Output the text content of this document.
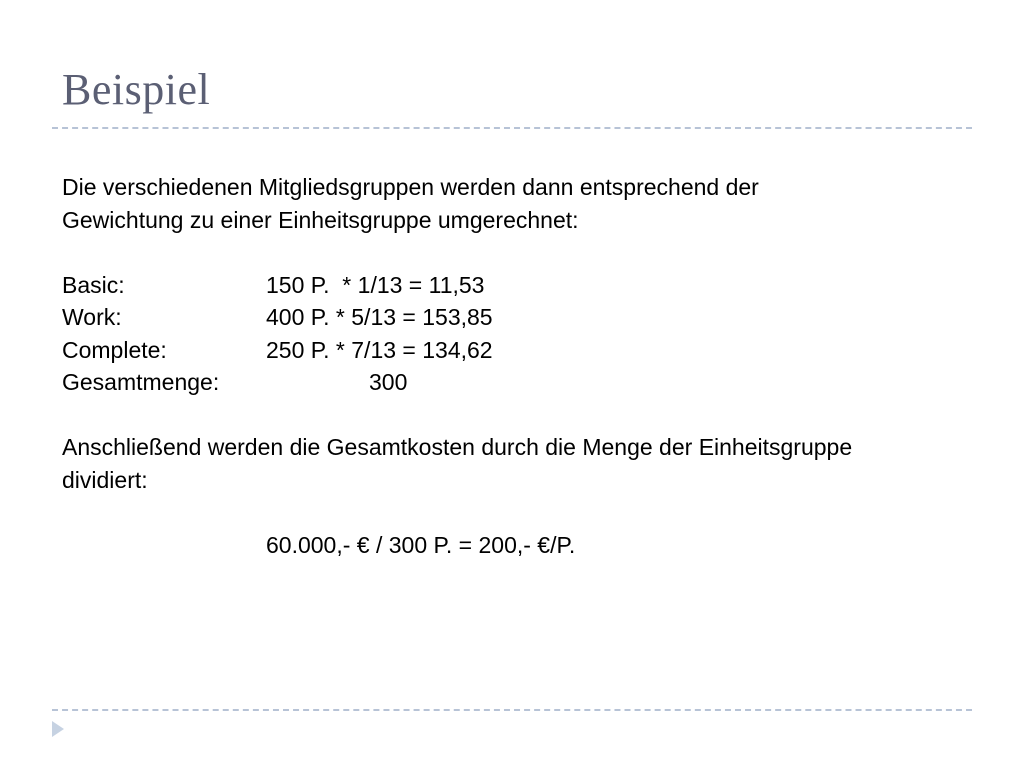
Beispiel
Die verschiedenen Mitgliedsgruppen werden dann entsprechend der
Gewichtung zu einer Einheitsgruppe umgerechnet:
Basic:	150 P.  * 1/13 = 11,53
Work:	400 P. * 5/13 = 153,85
Complete:	250 P. * 7/13 = 134,62
Gesamtmenge:	300
Anschließend werden die Gesamtkosten durch die Menge der Einheitsgruppe
dividiert:
60.000,- € / 300 P. = 200,- €/P.
